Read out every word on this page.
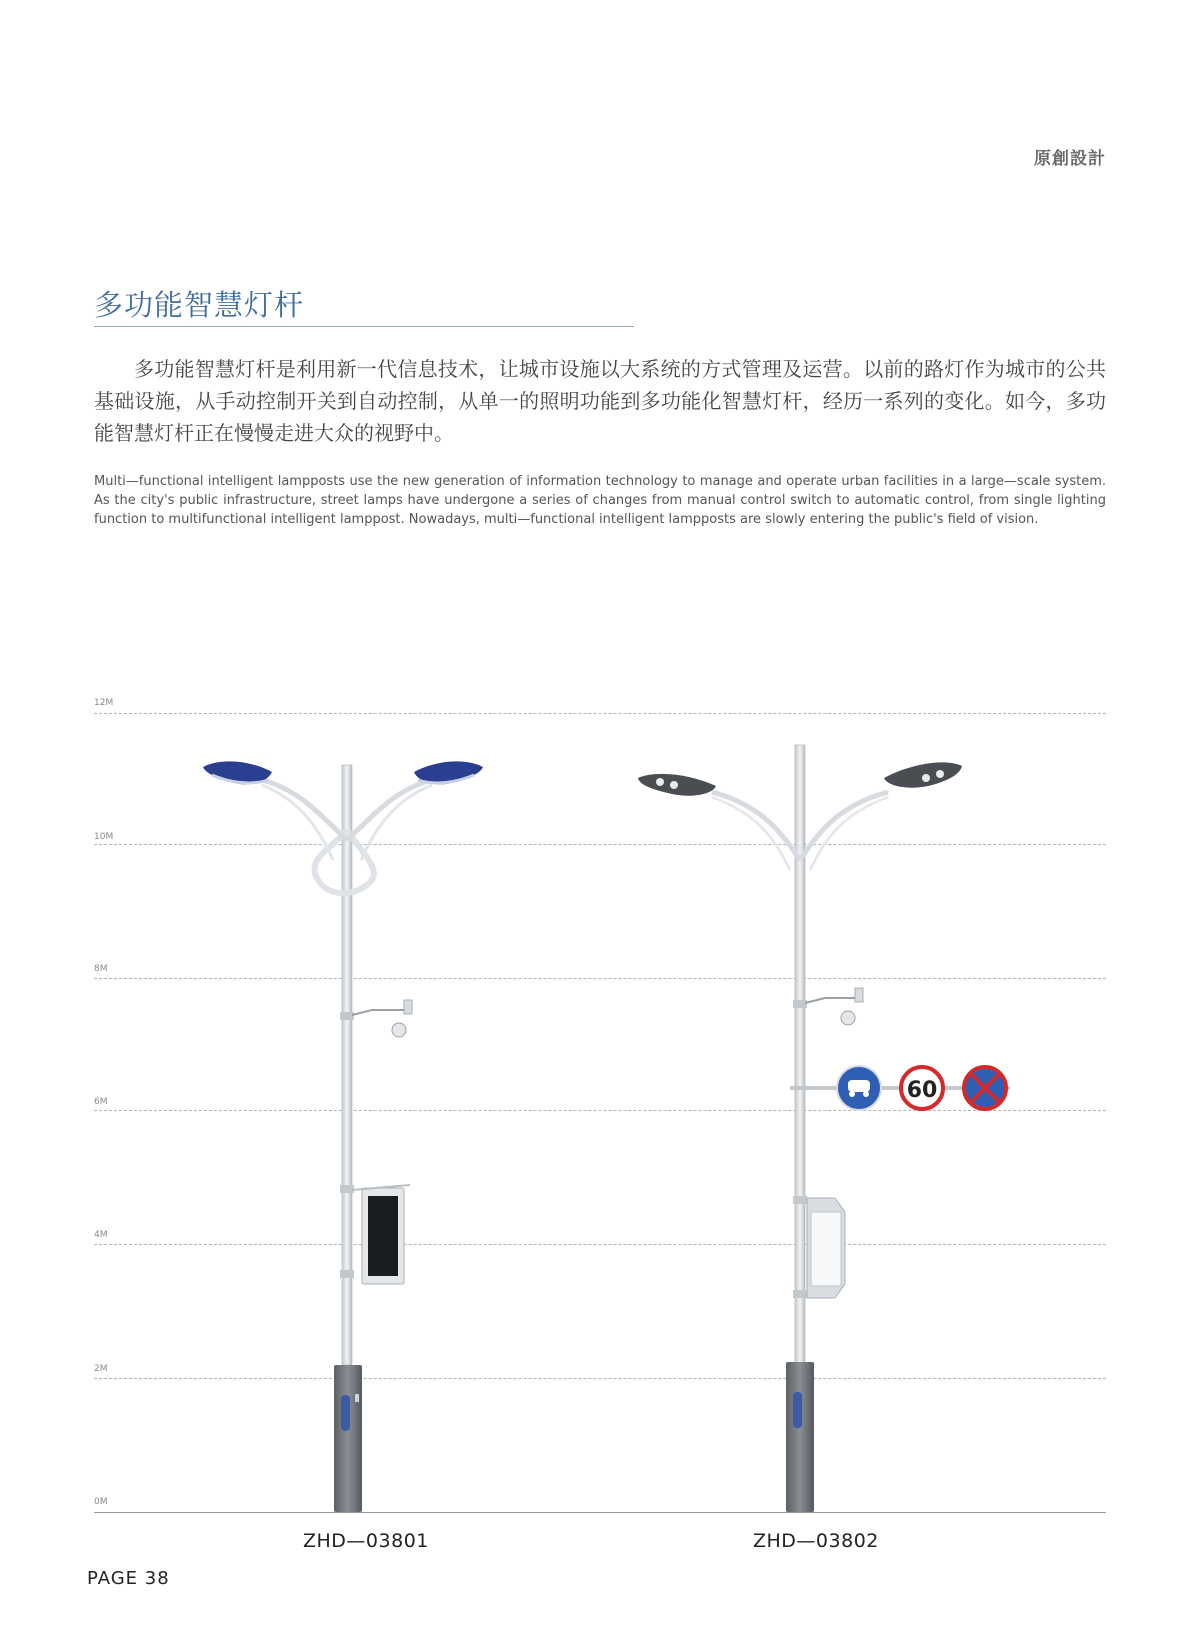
原創設計
多功能智慧灯杆
多功能智慧灯杆是利用新一代信息技术，让城市设施以大系统的方式管理及运营。以前的路灯作为城市的公共基础设施，从手动控制开关到自动控制，从单一的照明功能到多功能化智慧灯杆，经历一系列的变化。如今，多功能智慧灯杆正在慢慢走进大众的视野中。
Multi—functional intelligent lampposts use the new generation of information technology to manage and operate urban facilities in a large—scale system. As the city's public infrastructure, street lamps have undergone a series of changes from manual control switch to automatic control, from single lighting function to multifunctional intelligent lamppost. Nowadays, multi—functional intelligent lampposts are slowly entering the public's field of vision.
12M
10M
8M
6M
4M
2M
0M
60
ZHD—03801	ZHD—03802
PAGE 38
